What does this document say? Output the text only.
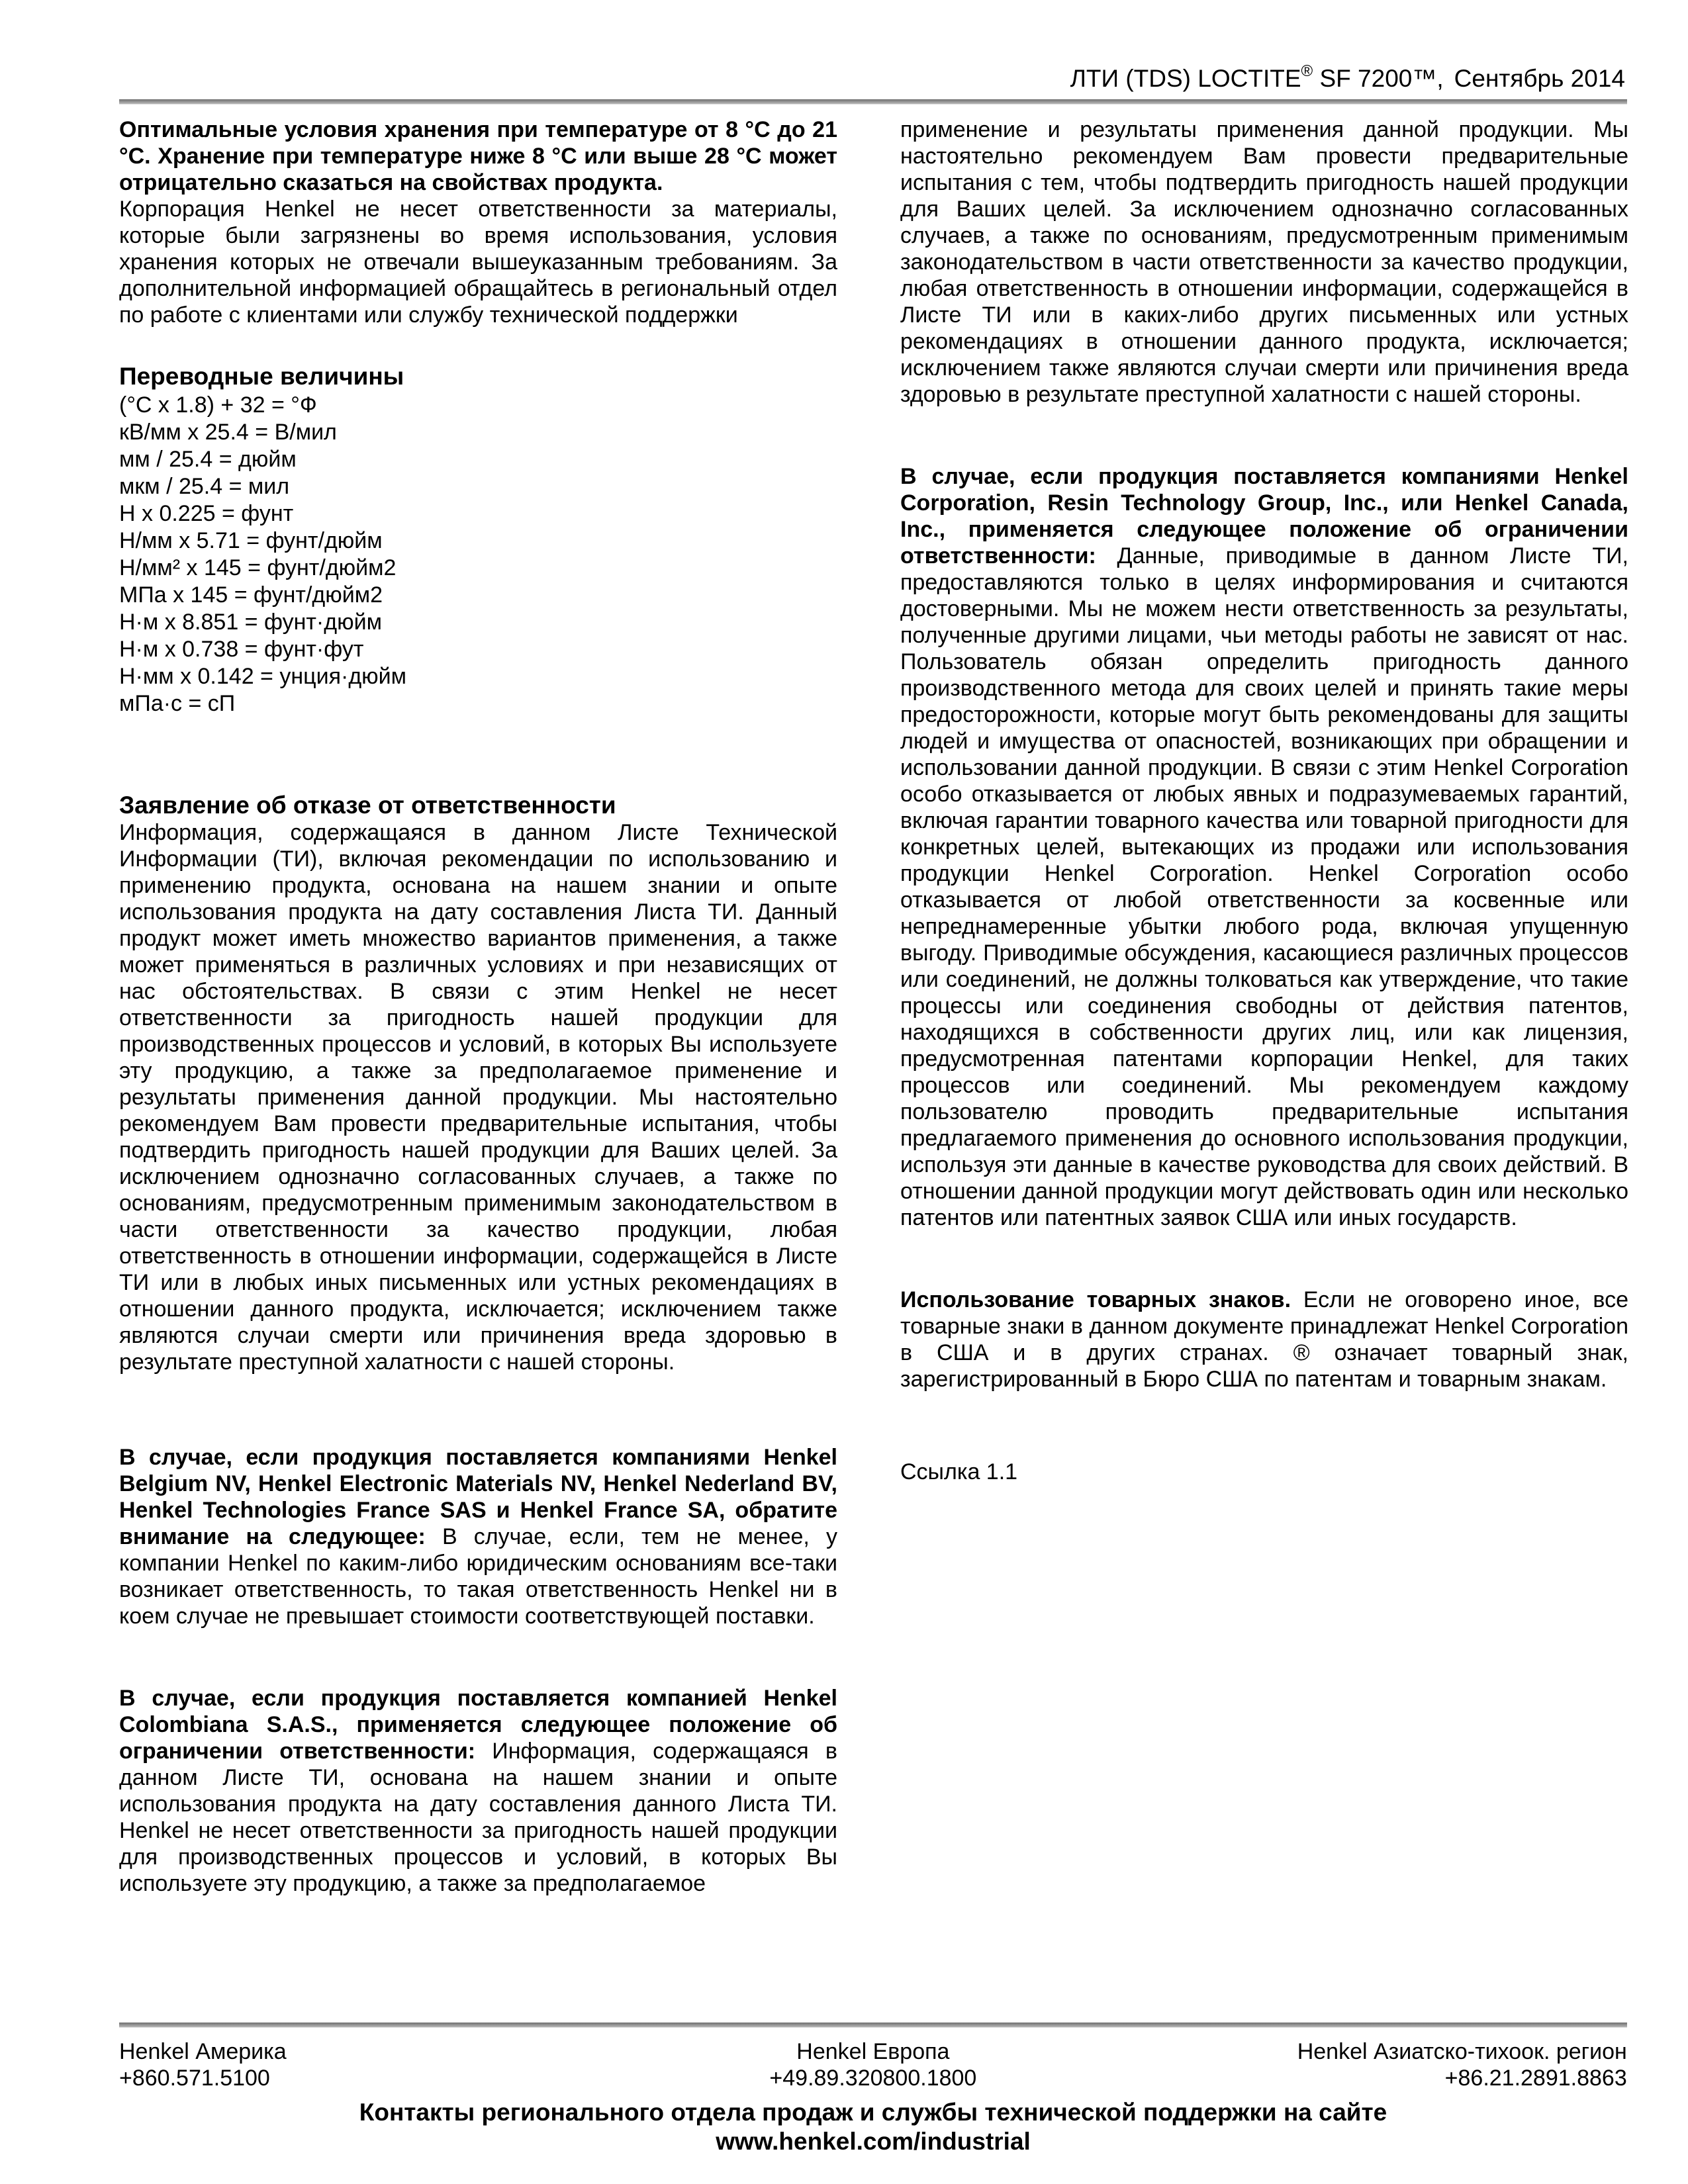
ЛТИ (TDS) LOCTITE® SF 7200™, Сентябрь 2014

Оптимальные условия хранения при температуре от 8 °C до 21 °C. Хранение при температуре ниже 8 °C или выше 28 °C может отрицательно сказаться на свойствах продукта.

Корпорация Henkel не несет ответственности за материалы, которые были загрязнены во время использования, условия хранения которых не отвечали вышеуказанным требованиям. За дополнительной информацией обращайтесь в региональный отдел по работе с клиентами или службу технической поддержки

Переводные величины
(°C x 1.8) + 32 = °Ф
кВ/мм x 25.4 = В/мил
мм / 25.4 = дюйм
мкм / 25.4 = мил
Н x 0.225 = фунт
Н/мм x 5.71 = фунт/дюйм
Н/мм² x 145 = фунт/дюйм2
МПа x 145 = фунт/дюйм2
Н·м x 8.851 = фунт·дюйм
Н·м x 0.738 = фунт·фут
Н·мм x 0.142 = унция·дюйм
мПа·с = сП
Заявление об отказе от ответственности

Информация, содержащаяся в данном Листе Технической Информации (ТИ), включая рекомендации по использованию и применению продукта, основана на нашем знании и опыте использования продукта на дату составления Листа ТИ. Данный продукт может иметь множество вариантов применения, а также может применяться в различных условиях и при независящих от нас обстоятельствах. В связи с этим Henkel не несет ответственности за пригодность нашей продукции для производственных процессов и условий, в которых Вы используете эту продукцию, а также за предполагаемое применение и результаты применения данной продукции. Мы настоятельно рекомендуем Вам провести предварительные испытания, чтобы подтвердить пригодность нашей продукции для Ваших целей. За исключением однозначно согласованных случаев, а также по основаниям, предусмотренным применимым законодательством в части ответственности за качество продукции, любая ответственность в отношении информации, содержащейся в Листе ТИ или в любых иных письменных или устных рекомендациях в отношении данного продукта, исключается; исключением также являются случаи смерти или причинения вреда здоровью в результате преступной халатности с нашей стороны.

В случае, если продукция поставляется компаниями Henkel Belgium NV, Henkel Electronic Materials NV, Henkel Nederland BV, Henkel Technologies France SAS и Henkel France SA, обратите внимание на следующее: В случае, если, тем не менее, у компании Henkel по каким-либо юридическим основаниям все-таки возникает ответственность, то такая ответственность Henkel ни в коем случае не превышает стоимости соответствующей поставки.

В случае, если продукция поставляется компанией Henkel Colombiana S.A.S., применяется следующее положение об ограничении ответственности: Информация, содержащаяся в данном Листе ТИ, основана на нашем знании и опыте использования продукта на дату составления данного Листа ТИ. Henkel не несет ответственности за пригодность нашей продукции для производственных процессов и условий, в которых Вы используете эту продукцию, а также за предполагаемое

применение и результаты применения данной продукции. Мы настоятельно рекомендуем Вам провести предварительные испытания с тем, чтобы подтвердить пригодность нашей продукции для Ваших целей. За исключением однозначно согласованных случаев, а также по основаниям, предусмотренным применимым законодательством в части ответственности за качество продукции, любая ответственность в отношении информации, содержащейся в Листе ТИ или в каких-либо других письменных или устных рекомендациях в отношении данного продукта, исключается; исключением также являются случаи смерти или причинения вреда здоровью в результате преступной халатности с нашей стороны.

В случае, если продукция поставляется компаниями Henkel Corporation, Resin Technology Group, Inc., или Henkel Canada, Inc., применяется следующее положение об ограничении ответственности: Данные, приводимые в данном Листе ТИ, предоставляются только в целях информирования и считаются достоверными. Мы не можем нести ответственность за результаты, полученные другими лицами, чьи методы работы не зависят от нас. Пользователь обязан определить пригодность данного производственного метода для своих целей и принять такие меры предосторожности, которые могут быть рекомендованы для защиты людей и имущества от опасностей, возникающих при обращении и использовании данной продукции. В связи с этим Henkel Corporation особо отказывается от любых явных и подразумеваемых гарантий, включая гарантии товарного качества или товарной пригодности для конкретных целей, вытекающих из продажи или использования продукции Henkel Corporation. Henkel Corporation особо отказывается от любой ответственности за косвенные или непреднамеренные убытки любого рода, включая упущенную выгоду. Приводимые обсуждения, касающиеся различных процессов или соединений, не должны толковаться как утверждение, что такие процессы или соединения свободны от действия патентов, находящихся в собственности других лиц, или как лицензия, предусмотренная патентами корпорации Henkel, для таких процессов или соединений. Мы рекомендуем каждому пользователю проводить предварительные испытания предлагаемого применения до основного использования продукции, используя эти данные в качестве руководства для своих действий. В отношении данной продукции могут действовать один или несколько патентов или патентных заявок США или иных государств.

Использование товарных знаков. Если не оговорено иное, все товарные знаки в данном документе принадлежат Henkel Corporation в США и в других странах. ® означает товарный знак, зарегистрированный в Бюро США по патентам и товарным знакам.

Ссылка 1.1

Henkel Америка
+860.571.5100
Henkel Европа
+49.89.320800.1800
Henkel Азиатско-тихоок. регион
+86.21.2891.8863
Контакты регионального отдела продаж и службы технической поддержки на сайте
www.henkel.com/industrial
